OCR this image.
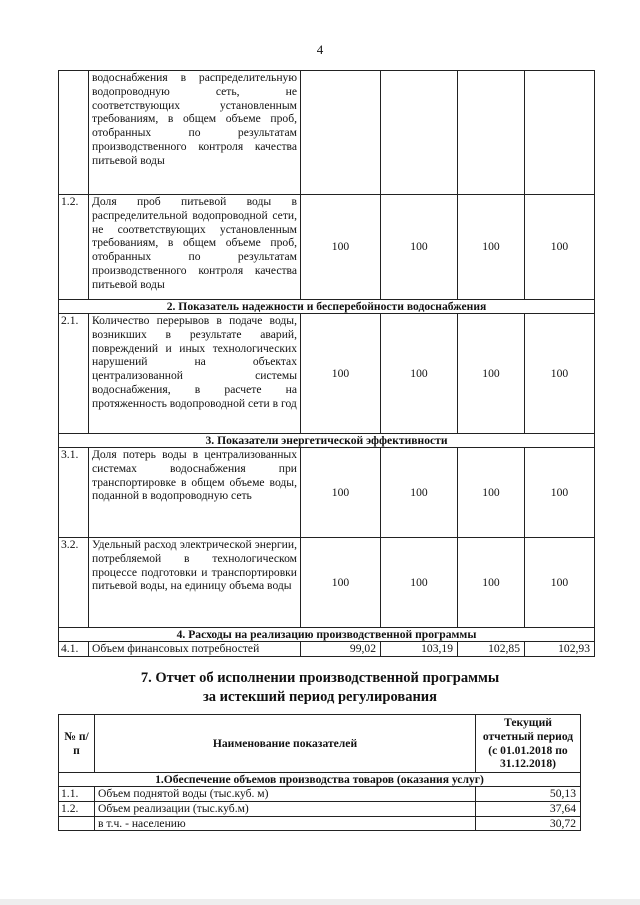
4
	водоснабжения в распределительную водопроводную сеть, не соответствующих установленным требованиям, в общем объеме проб, отобранных по результатам производственного контроля качества питьевой воды				
1.2.	Доля проб питьевой воды в распределительной водопроводной сети, не соответствующих установленным требованиям, в общем объеме проб, отобранных по результатам производственного контроля качества питьевой воды	100	100	100	100
2. Показатель надежности и бесперебойности водоснабжения					
2.1.	Количество перерывов в подаче воды, возникших в результате аварий, повреждений и иных технологических нарушений на объектах централизованной системы водоснабжения, в расчете на протяженность водопроводной сети в год	100	100	100	100
3. Показатели энергетической эффективности					
3.1.	Доля потерь воды в централизованных системах водоснабжения при транспортировке в общем объеме воды, поданной в водопроводную сеть	100	100	100	100
3.2.	Удельный расход электрической энергии, потребляемой в технологическом процессе подготовки и транспортировки питьевой воды, на единицу объема воды	100	100	100	100
4. Расходы на реализацию производственной программы					
4.1.	Объем финансовых потребностей	99,02	103,19	102,85	102,93
7. Отчет об исполнении производственной программы
за истекший период регулирования
№ п/п	Наименование показателей	Текущий отчетный период (с 01.01.2018 по 31.12.2018)
1.Обеспечение объемов производства товаров (оказания услуг)		
1.1.	Объем поднятой воды (тыс.куб. м)	50,13
1.2.	Объем реализации (тыс.куб.м)	37,64
	в т.ч. - населению	30,72
